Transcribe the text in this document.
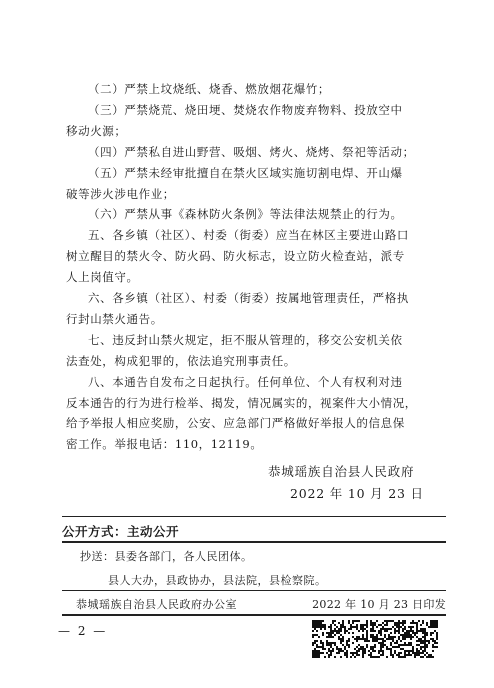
（二）严禁上坟烧纸、烧香、燃放烟花爆竹；
（三）严禁烧荒、烧田埂、焚烧农作物废弃物料、投放空中
移动火源；
（四）严禁私自进山野营、吸烟、烤火、烧烤、祭祀等活动；
（五）严禁未经审批擅自在禁火区域实施切割电焊、开山爆
破等涉火涉电作业；
（六）严禁从事《森林防火条例》等法律法规禁止的行为。
五、各乡镇（社区）、村委（街委）应当在林区主要进山路口
树立醒目的禁火令、防火码、防火标志，设立防火检查站，派专
人上岗值守。
六、各乡镇（社区）、村委（街委）按属地管理责任，严格执
行封山禁火通告。
七、违反封山禁火规定，拒不服从管理的，移交公安机关依
法查处，构成犯罪的，依法追究刑事责任。
八、本通告自发布之日起执行。任何单位、个人有权利对违
反本通告的行为进行检举、揭发，情况属实的，视案件大小情况，
给予举报人相应奖励，公安、应急部门严格做好举报人的信息保
密工作。举报电话：110，12119。
恭城瑶族自治县人民政府
2022 年 10 月 23 日
公开方式：主动公开
抄送：县委各部门，各人民团体。
县人大办，县政协办，县法院，县检察院。
恭城瑶族自治县人民政府办公室	2022 年 10 月 23 日印发
— 2 —
